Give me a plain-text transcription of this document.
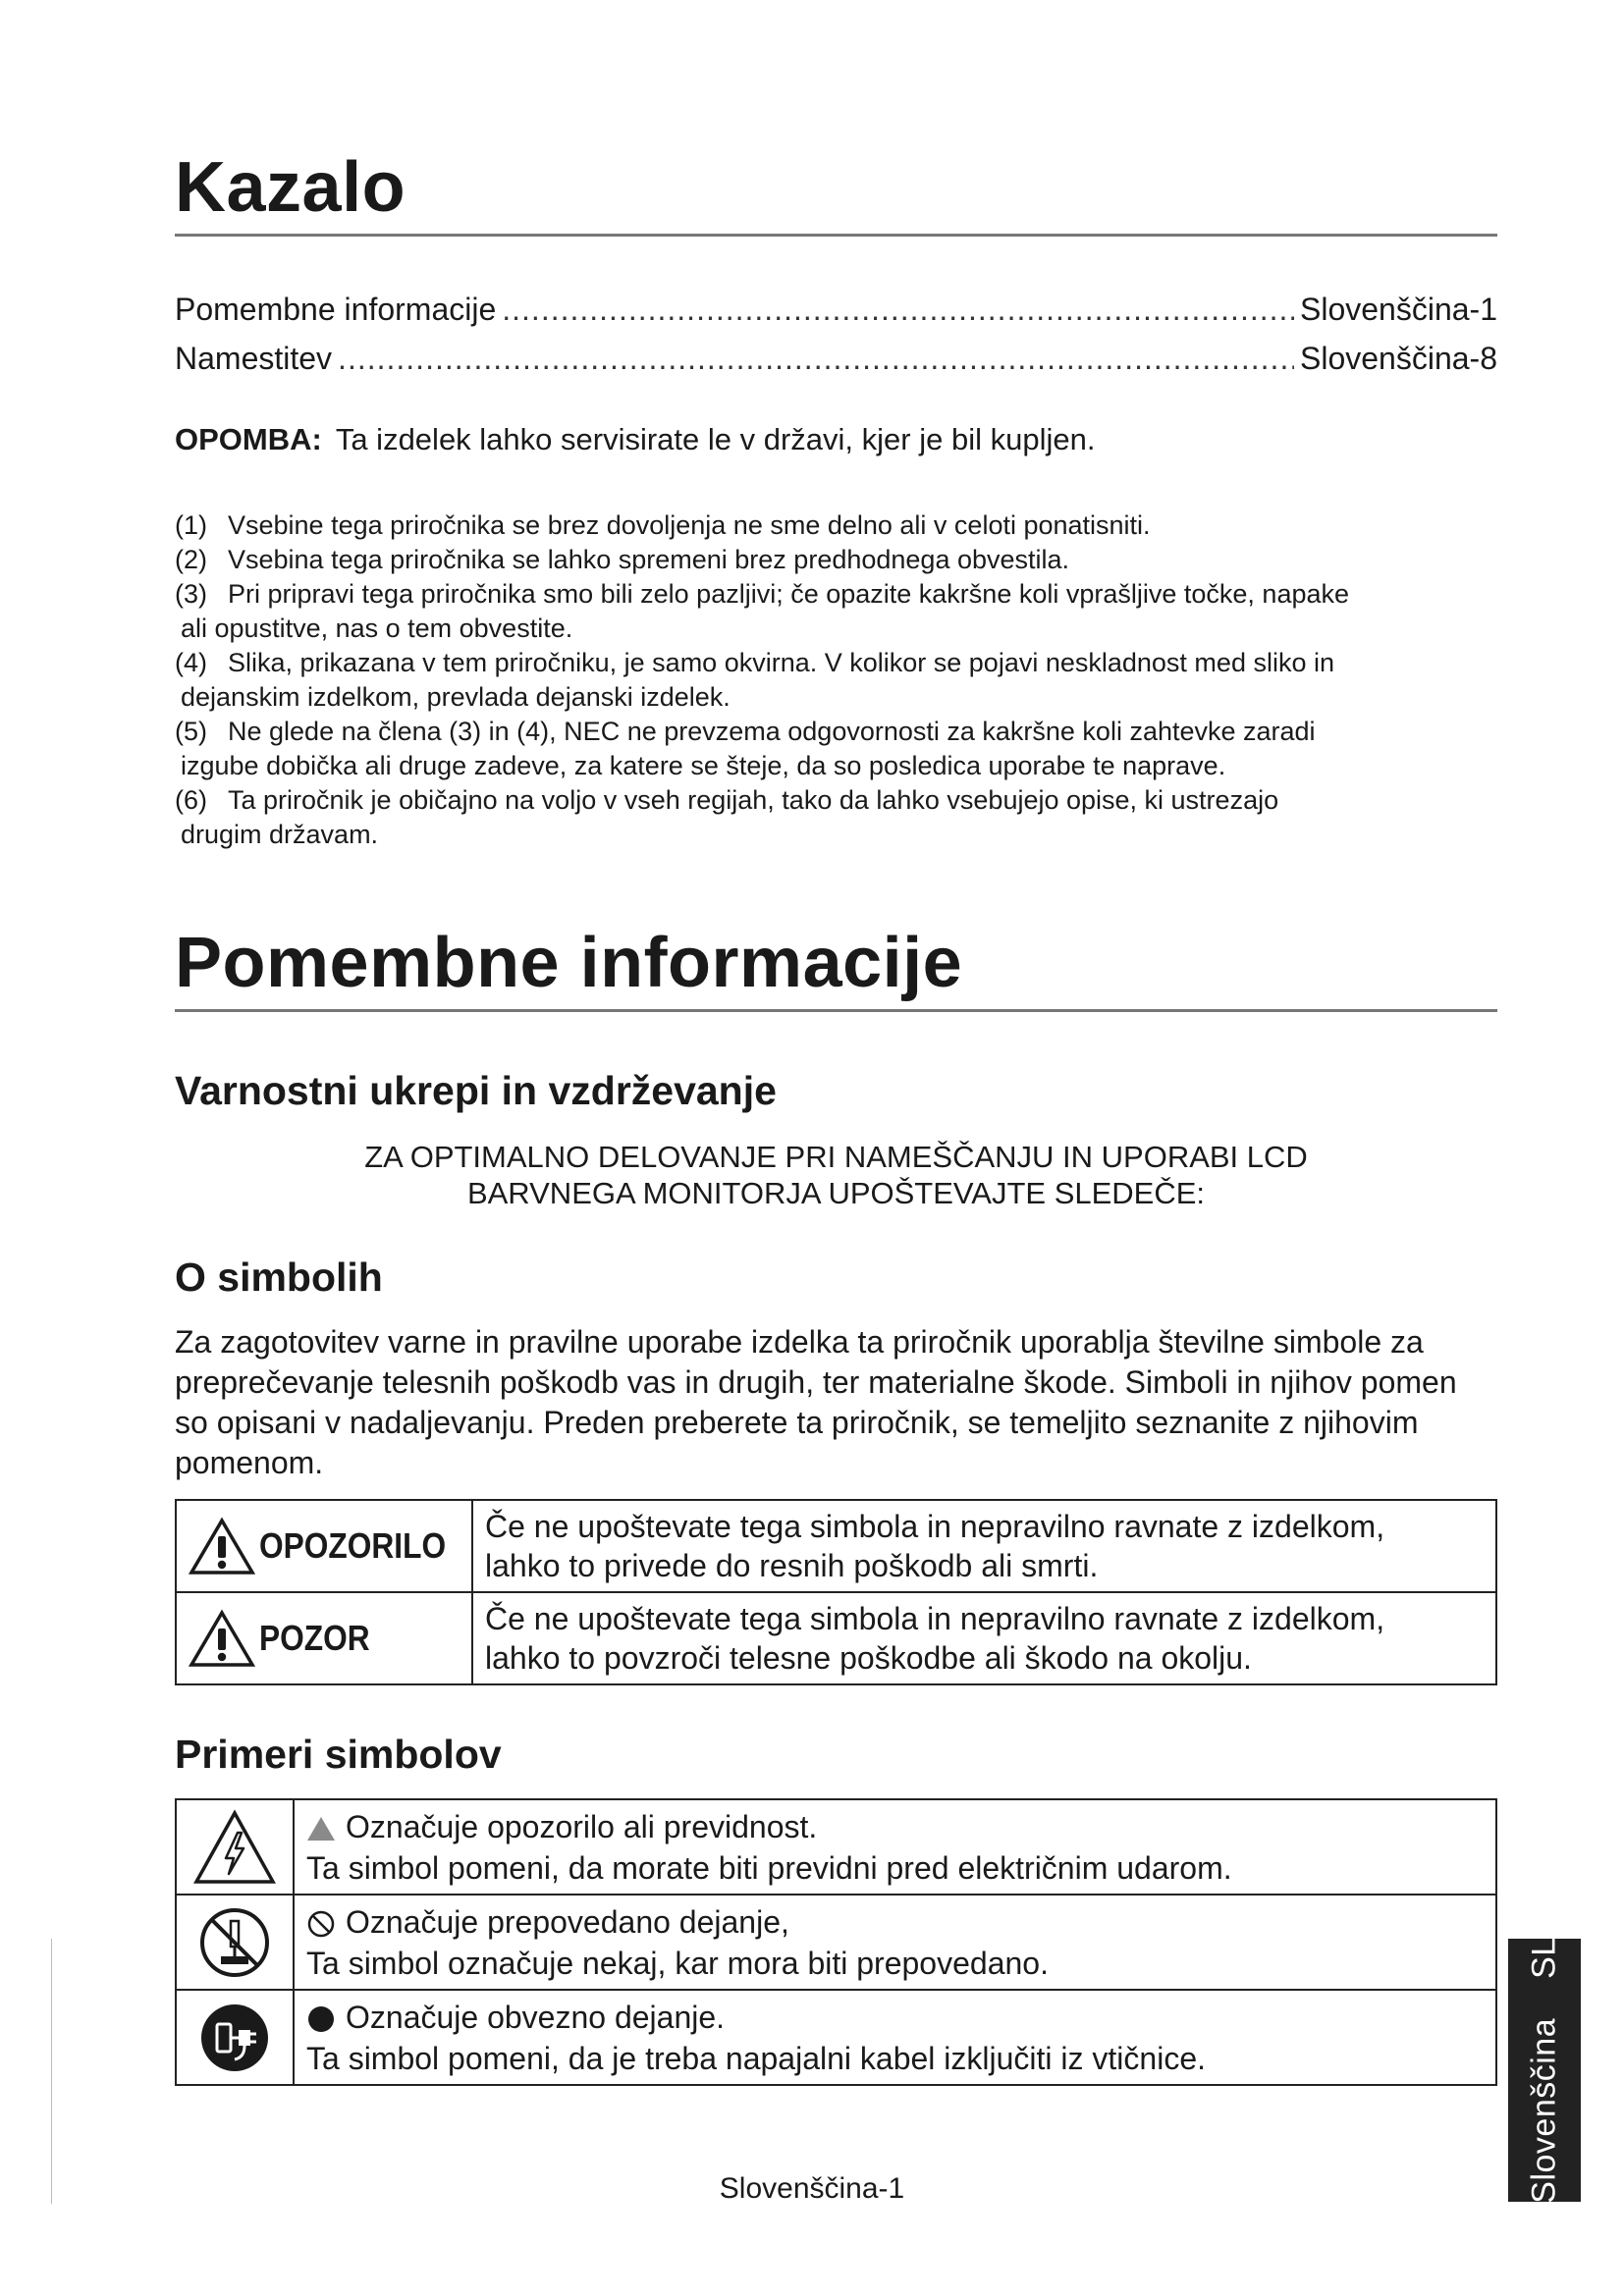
Kazalo
Pomembne informacije .....	Slovenščina-1
Namestitev .....	Slovenščina-8
OPOMBA: Ta izdelek lahko servisirate le v državi, kjer je bil kupljen.
(1) Vsebine tega priročnika se brez dovoljenja ne sme delno ali v celoti ponatisniti.
(2) Vsebina tega priročnika se lahko spremeni brez predhodnega obvestila.
(3) Pri pripravi tega priročnika smo bili zelo pazljivi; če opazite kakršne koli vprašljive točke, napake
ali opustitve, nas o tem obvestite.
(4) Slika, prikazana v tem priročniku, je samo okvirna. V kolikor se pojavi neskladnost med sliko in
dejanskim izdelkom, prevlada dejanski izdelek.
(5) Ne glede na člena (3) in (4), NEC ne prevzema odgovornosti za kakršne koli zahtevke zaradi
izgube dobička ali druge zadeve, za katere se šteje, da so posledica uporabe te naprave.
(6) Ta priročnik je običajno na voljo v vseh regijah, tako da lahko vsebujejo opise, ki ustrezajo
drugim državam.
Pomembne informacije
Varnostni ukrepi in vzdrževanje
ZA OPTIMALNO DELOVANJE PRI NAMEŠČANJU IN UPORABI LCD
BARVNEGA MONITORJA UPOŠTEVAJTE SLEDEČE:
O simbolih

Za zagotovitev varne in pravilne uporabe izdelka ta priročnik uporablja številne simbole za preprečevanje telesnih poškodb vas in drugih, ter materialne škode. Simboli in njihov pomen so opisani v nadaljevanju. Preden preberete ta priročnik, se temeljito seznanite z njihovim pomenom.

OPOZORILO	Če ne upoštevate tega simbola in nepravilno ravnate z izdelkom,
lahko to privede do resnih poškodb ali smrti.

POZOR	Če ne upoštevate tega simbola in nepravilno ravnate z izdelkom,
lahko to povzroči telesne poškodbe ali škodo na okolju.
Primeri simbolov

Označuje opozorilo ali previdnost.
Ta simbol pomeni, da morate biti previdni pred električnim udarom.

Označuje prepovedano dejanje,
Ta simbol označuje nekaj, kar mora biti prepovedano.

Označuje obvezno dejanje.
Ta simbol pomeni, da je treba napajalni kabel izključiti iz vtičnice.
Slovenščina-1	SlovenščinaSL
